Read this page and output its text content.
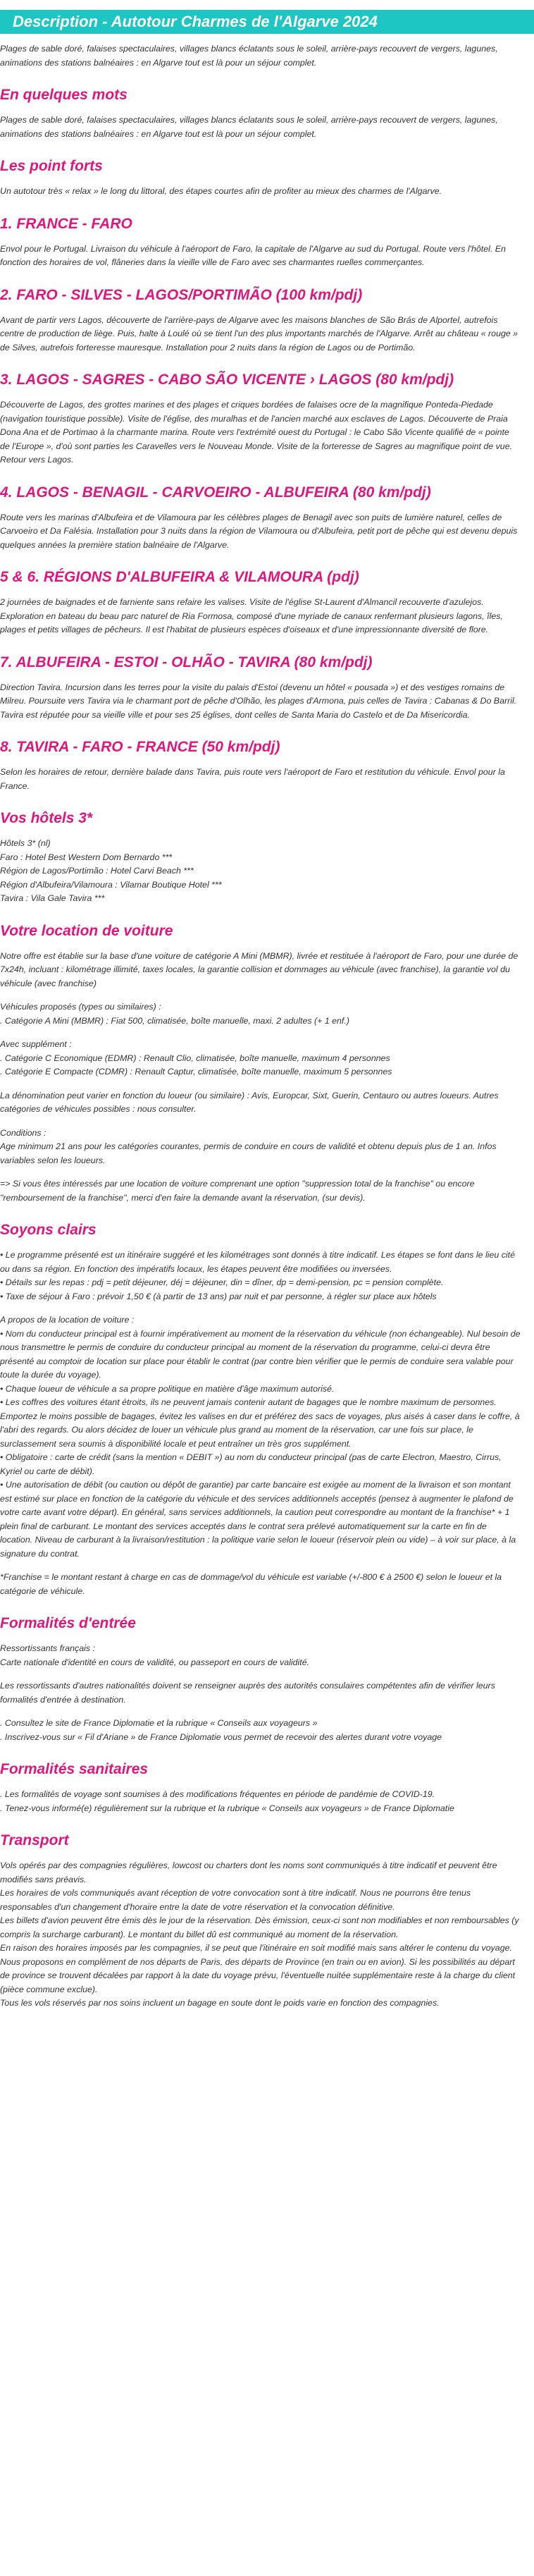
Description - Autotour Charmes de l'Algarve 2024

Plages de sable doré, falaises spectaculaires, villages blancs éclatants sous le soleil, arrière-pays recouvert de vergers, lagunes, animations des stations balnéaires : en Algarve tout est là pour un séjour complet.

En quelques mots

Plages de sable doré, falaises spectaculaires, villages blancs éclatants sous le soleil, arrière-pays recouvert de vergers, lagunes, animations des stations balnéaires : en Algarve tout est là pour un séjour complet.

Les point forts

Un autotour très « relax » le long du littoral, des étapes courtes afin de profiter au mieux des charmes de l'Algarve.

1. FRANCE - FARO

Envol pour le Portugal. Livraison du véhicule à l'aéroport de Faro, la capitale de l'Algarve au sud du Portugal. Route vers l'hôtel. En fonction des horaires de vol, flâneries dans la vieille ville de Faro avec ses charmantes ruelles commerçantes.

2. FARO - SILVES - LAGOS/PORTIMÃO (100 km/pdj)

Avant de partir vers Lagos, découverte de l'arrière-pays de Algarve avec les maisons blanches de São Brás de Alportel, autrefois centre de production de liège. Puis, halte à Loulé où se tient l'un des plus importants marchés de l'Algarve. Arrêt au château « rouge » de Silves, autrefois forteresse mauresque. Installation pour 2 nuits dans la région de Lagos ou de Portimão.

3. LAGOS - SAGRES - CABO SÃO VICENTE › LAGOS (80 km/pdj)

Découverte de Lagos, des grottes marines et des plages et criques bordées de falaises ocre de la magnifique Ponteda-Piedade (navigation touristique possible). Visite de l'église, des muralhas et de l'ancien marché aux esclaves de Lagos. Découverte de Praia Dona Ana et de Portimao à la charmante marina. Route vers l'extrémité ouest du Portugal : le Cabo São Vicente qualifié de « pointe de l'Europe », d'où sont parties les Caravelles vers le Nouveau Monde. Visite de la forteresse de Sagres au magnifique point de vue. Retour vers Lagos.

4. LAGOS - BENAGIL - CARVOEIRO - ALBUFEIRA (80 km/pdj)

Route vers les marinas d'Albufeira et de Vilamoura par les célèbres plages de Benagil avec son puits de lumière naturel, celles de Carvoeiro et Da Falésia. Installation pour 3 nuits dans la région de Vilamoura ou d'Albufeira, petit port de pêche qui est devenu depuis quelques années la première station balnéaire de l'Algarve.

5 & 6. RÉGIONS D'ALBUFEIRA & VILAMOURA (pdj)

2 journées de baignades et de farniente sans refaire les valises. Visite de l'église St-Laurent d'Almancil recouverte d'azulejos. Exploration en bateau du beau parc naturel de Ria Formosa, composé d'une myriade de canaux renfermant plusieurs lagons, îles, plages et petits villages de pêcheurs. Il est l'habitat de plusieurs espèces d'oiseaux et d'une impressionnante diversité de flore.

7. ALBUFEIRA - ESTOI - OLHÃO - TAVIRA (80 km/pdj)

Direction Tavira. Incursion dans les terres pour la visite du palais d'Estoi (devenu un hôtel « pousada ») et des vestiges romains de Milreu. Poursuite vers Tavira via le charmant port de pêche d'Olhão, les plages d'Armona, puis celles de Tavira : Cabanas & Do Barril. Tavira est réputée pour sa vieille ville et pour ses 25 églises, dont celles de Santa Maria do Castelo et de Da Misericordia.

8. TAVIRA - FARO - FRANCE (50 km/pdj)

Selon les horaires de retour, dernière balade dans Tavira, puis route vers l'aéroport de Faro et restitution du véhicule. Envol pour la France.

Vos hôtels 3*

Hôtels 3* (nl)

Faro : Hotel Best Western Dom Bernardo ***

Région de Lagos/Portimão : Hotel Carvi Beach ***

Région d'Albufeira/Vilamoura : Vilamar Boutique Hotel ***

Tavira : Vila Gale Tavira ***

Votre location de voiture

Notre offre est établie sur la base d'une voiture de catégorie A Mini (MBMR), livrée et restituée à l'aéroport de Faro, pour une durée de 7x24h, incluant : kilométrage illimité, taxes locales, la garantie collision et dommages au véhicule (avec franchise), la garantie vol du véhicule (avec franchise)

Véhicules proposés (types ou similaires) :

. Catégorie A Mini (MBMR) : Fiat 500, climatisée, boîte manuelle, maxi. 2 adultes (+ 1 enf.)

Avec supplément :

. Catégorie C Economique (EDMR) : Renault Clio, climatisée, boîte manuelle, maximum 4 personnes

. Catégorie E Compacte (CDMR) : Renault Captur, climatisée, boîte manuelle, maximum 5 personnes

La dénomination peut varier en fonction du loueur (ou similaire) : Avis, Europcar, Sixt, Guerin, Centauro ou autres loueurs. Autres catégories de véhicules possibles : nous consulter.

Conditions :

Age minimum 21 ans pour les catégories courantes, permis de conduire en cours de validité et obtenu depuis plus de 1 an. Infos variables selon les loueurs.

=> Si vous êtes intéressés par une location de voiture comprenant une option "suppression total de la franchise" ou encore "remboursement de la franchise", merci d'en faire la demande avant la réservation, (sur devis).

Soyons clairs

• Le programme présenté est un itinéraire suggéré et les kilométrages sont donnés à titre indicatif. Les étapes se font dans le lieu cité ou dans sa région. En fonction des impératifs locaux, les étapes peuvent être modifiées ou inversées.

• Détails sur les repas : pdj = petit déjeuner, déj = déjeuner, din = dîner, dp = demi-pension, pc = pension complète.

• Taxe de séjour à Faro : prévoir 1,50 € (à partir de 13 ans) par nuit et par personne, à régler sur place aux hôtels

A propos de la location de voiture :

• Nom du conducteur principal est à fournir impérativement au moment de la réservation du véhicule (non échangeable). Nul besoin de nous transmettre le permis de conduire du conducteur principal au moment de la réservation du programme, celui-ci devra être présenté au comptoir de location sur place pour établir le contrat (par contre bien vérifier que le permis de conduire sera valable pour toute la durée du voyage).

• Chaque loueur de véhicule a sa propre politique en matière d'âge maximum autorisé.

• Les coffres des voitures étant étroits, ils ne peuvent jamais contenir autant de bagages que le nombre maximum de personnes. Emportez le moins possible de bagages, évitez les valises en dur et préférez des sacs de voyages, plus aisés à caser dans le coffre, à l'abri des regards. Ou alors décidez de louer un véhicule plus grand au moment de la réservation, car une fois sur place, le surclassement sera soumis à disponibilité locale et peut entraîner un très gros supplément.

• Obligatoire : carte de crédit (sans la mention « DEBIT ») au nom du conducteur principal (pas de carte Electron, Maestro, Cirrus, Kyriel ou carte de débit).

• Une autorisation de débit (ou caution ou dépôt de garantie) par carte bancaire est exigée au moment de la livraison et son montant est estimé sur place en fonction de la catégorie du véhicule et des services additionnels acceptés (pensez à augmenter le plafond de votre carte avant votre départ). En général, sans services additionnels, la caution peut correspondre au montant de la franchise* + 1 plein final de carburant. Le montant des services acceptés dans le contrat sera prélevé automatiquement sur la carte en fin de location. Niveau de carburant à la livraison/restitution : la politique varie selon le loueur (réservoir plein ou vide) – à voir sur place, à la signature du contrat.

*Franchise = le montant restant à charge en cas de dommage/vol du véhicule est variable (+/-800 € à 2500 €) selon le loueur et la catégorie de véhicule.

Formalités d'entrée

Ressortissants français :

Carte nationale d'identité en cours de validité, ou passeport en cours de validité.

Les ressortissants d'autres nationalités doivent se renseigner auprès des autorités consulaires compétentes afin de vérifier leurs formalités d'entrée à destination.

. Consultez le site de France Diplomatie et la rubrique « Conseils aux voyageurs »

. Inscrivez-vous sur « Fil d'Ariane » de France Diplomatie vous permet de recevoir des alertes durant votre voyage

Formalités sanitaires

. Les formalités de voyage sont soumises à des modifications fréquentes en période de pandémie de COVID-19.

. Tenez-vous informé(e) régulièrement sur la rubrique et la rubrique « Conseils aux voyageurs » de France Diplomatie

Transport

Vols opérés par des compagnies régulières, lowcost ou charters dont les noms sont communiqués à titre indicatif et peuvent être modifiés sans préavis.

Les horaires de vols communiqués avant réception de votre convocation sont à titre indicatif. Nous ne pourrons être tenus responsables d'un changement d'horaire entre la date de votre réservation et la convocation définitive.

Les billets d'avion peuvent être émis dès le jour de la réservation. Dès émission, ceux-ci sont non modifiables et non remboursables (y compris la surcharge carburant). Le montant du billet dû est communiqué au moment de la réservation.

En raison des horaires imposés par les compagnies, il se peut que l'itinéraire en soit modifié mais sans altérer le contenu du voyage.

Nous proposons en complément de nos départs de Paris, des départs de Province (en train ou en avion). Si les possibilités au départ de province se trouvent décalées par rapport à la date du voyage prévu, l'éventuelle nuitée supplémentaire reste à la charge du client (pièce commune exclue).

Tous les vols réservés par nos soins incluent un bagage en soute dont le poids varie en fonction des compagnies.
